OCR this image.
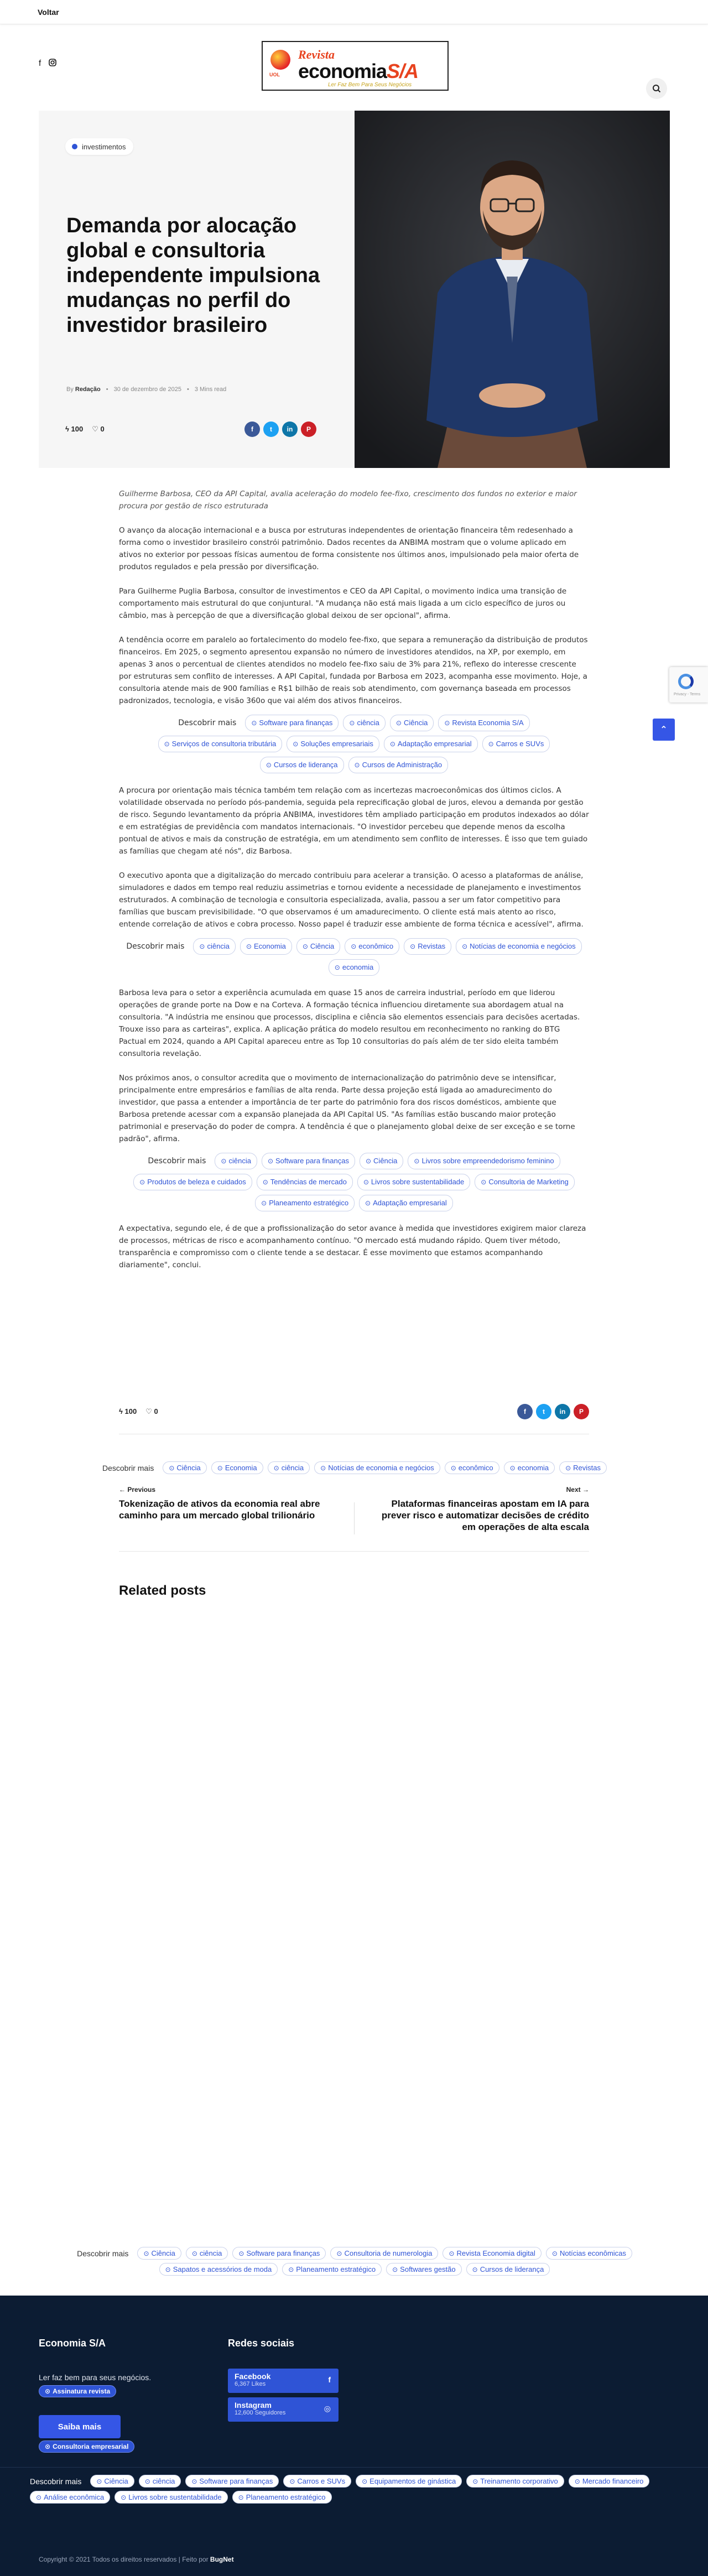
Voltar
f
UOL
Revista
economiaS/A
Ler Faz Bem Para Seus Negócios
investimentos
Demanda por alocação global e consultoria independente impulsiona mudanças no perfil do investidor brasileiro
By Redação • 30 de dezembro de 2025 • 3 Mins read
ϟ 100 ♡ 0	f	t	in	P

Guilherme Barbosa, CEO da API Capital, avalia aceleração do modelo fee-fixo, crescimento dos fundos no exterior e maior procura por gestão de risco estruturada

O avanço da alocação internacional e a busca por estruturas independentes de orientação financeira têm redesenhado a forma como o investidor brasileiro constrói patrimônio. Dados recentes da ANBIMA mostram que o volume aplicado em ativos no exterior por pessoas físicas aumentou de forma consistente nos últimos anos, impulsionado pela maior oferta de produtos regulados e pela pressão por diversificação.

Para Guilherme Puglia Barbosa, consultor de investimentos e CEO da API Capital, o movimento indica uma transição de comportamento mais estrutural do que conjuntural. "A mudança não está mais ligada a um ciclo específico de juros ou câmbio, mas à percepção de que a diversificação global deixou de ser opcional", afirma.

A tendência ocorre em paralelo ao fortalecimento do modelo fee-fixo, que separa a remuneração da distribuição de produtos financeiros. Em 2025, o segmento apresentou expansão no número de investidores atendidos, na XP, por exemplo, em apenas 3 anos o percentual de clientes atendidos no modelo fee-fixo saiu de 3% para 21%, reflexo do interesse crescente por estruturas sem conflito de interesses. A API Capital, fundada por Barbosa em 2023, acompanha esse movimento. Hoje, a consultoria atende mais de 900 famílias e R$1 bilhão de reais sob atendimento, com governança baseada em processos padronizados, tecnologia, e visão 360o que vai além dos ativos financeiros.

Descobrir mais ⊙ Software para finanças	⊙ ciência	⊙ Ciência	⊙ Revista Economia S/A
⊙ Serviços de consultoria tributária	⊙ Soluções empresariais	⊙ Adaptação empresarial	⊙ Carros e SUVs
⊙ Cursos de liderança	⊙ Cursos de Administração

A procura por orientação mais técnica também tem relação com as incertezas macroeconômicas dos últimos ciclos. A volatilidade observada no período pós-pandemia, seguida pela reprecificação global de juros, elevou a demanda por gestão de risco. Segundo levantamento da própria ANBIMA, investidores têm ampliado participação em produtos indexados ao dólar e em estratégias de previdência com mandatos internacionais. "O investidor percebeu que depende menos da escolha pontual de ativos e mais da construção de estratégia, em um atendimento sem conflito de interesses. É isso que tem guiado as famílias que chegam até nós", diz Barbosa.

O executivo aponta que a digitalização do mercado contribuiu para acelerar a transição. O acesso a plataformas de análise, simuladores e dados em tempo real reduziu assimetrias e tornou evidente a necessidade de planejamento e investimentos estruturados. A combinação de tecnologia e consultoria especializada, avalia, passou a ser um fator competitivo para famílias que buscam previsibilidade. "O que observamos é um amadurecimento. O cliente está mais atento ao risco, entende correlação de ativos e cobra processo. Nosso papel é traduzir esse ambiente de forma técnica e acessível", afirma.

Descobrir mais ⊙ ciência	⊙ Economia	⊙ Ciência	⊙ econômico	⊙ Revistas	⊙ Notícias de economia e negócios
⊙ economia

Barbosa leva para o setor a experiência acumulada em quase 15 anos de carreira industrial, período em que liderou operações de grande porte na Dow e na Corteva. A formação técnica influenciou diretamente sua abordagem atual na consultoria. "A indústria me ensinou que processos, disciplina e ciência são elementos essenciais para decisões acertadas. Trouxe isso para as carteiras", explica. A aplicação prática do modelo resultou em reconhecimento no ranking do BTG Pactual em 2024, quando a API Capital apareceu entre as Top 10 consultorias do país além de ter sido eleita também consultoria revelação.

Nos próximos anos, o consultor acredita que o movimento de internacionalização do patrimônio deve se intensificar, principalmente entre empresários e famílias de alta renda. Parte dessa projeção está ligada ao amadurecimento do investidor, que passa a entender a importância de ter parte do patrimônio fora dos riscos domésticos, ambiente que Barbosa pretende acessar com a expansão planejada da API Capital US. "As famílias estão buscando maior proteção patrimonial e preservação do poder de compra. A tendência é que o planejamento global deixe de ser exceção e se torne padrão", afirma.

Descobrir mais ⊙ ciência	⊙ Software para finanças	⊙ Ciência	⊙ Livros sobre empreendedorismo feminino
⊙ Produtos de beleza e cuidados	⊙ Tendências de mercado	⊙ Livros sobre sustentabilidade	⊙ Consultoria de Marketing
⊙ Planeamento estratégico	⊙ Adaptação empresarial

A expectativa, segundo ele, é de que a profissionalização do setor avance à medida que investidores exigirem maior clareza de processos, métricas de risco e acompanhamento contínuo. "O mercado está mudando rápido. Quem tiver método, transparência e compromisso com o cliente tende a se destacar. É esse movimento que estamos acompanhando diariamente", conclui.

ϟ 100 ♡ 0	f	t	in	P
Descobrir mais ⊙ Ciência	⊙ Economia	⊙ ciência	⊙ Notícias de economia e negócios	⊙ econômico	⊙ economia	⊙ Revistas
← Previous
Tokenização de ativos da economia real abre caminho para um mercado global trilionário
Next →
Plataformas financeiras apostam em IA para prever risco e automatizar decisões de crédito em operações de alta escala
Related posts
Descobrir mais ⊙ Ciência	⊙ ciência	⊙ Software para finanças	⊙ Consultoria de numerologia	⊙ Revista Economia digital	⊙ Notícias econômicas
⊙ Sapatos e acessórios de moda	⊙ Planeamento estratégico	⊙ Softwares gestão	⊙ Cursos de liderança
Economia S/A
Ler faz bem para seus negócios.
⊙ Assinatura revista
Saiba mais
⊙ Consultoria empresarial
Redes sociais
Facebook
6,367 Likes	f
Instagram
12,600 Seguidores	◎
Descobrir mais ⊙ Ciência	⊙ ciência	⊙ Software para finanças	⊙ Carros e SUVs	⊙ Equipamentos de ginástica	⊙ Treinamento corporativo	⊙ Mercado financeiro
⊙ Análise econômica	⊙ Livros sobre sustentabilidade	⊙ Planeamento estratégico
Copyright © 2021 Todos os direitos reservados | Feito por BugNet
Privacy - Terms
⌃
